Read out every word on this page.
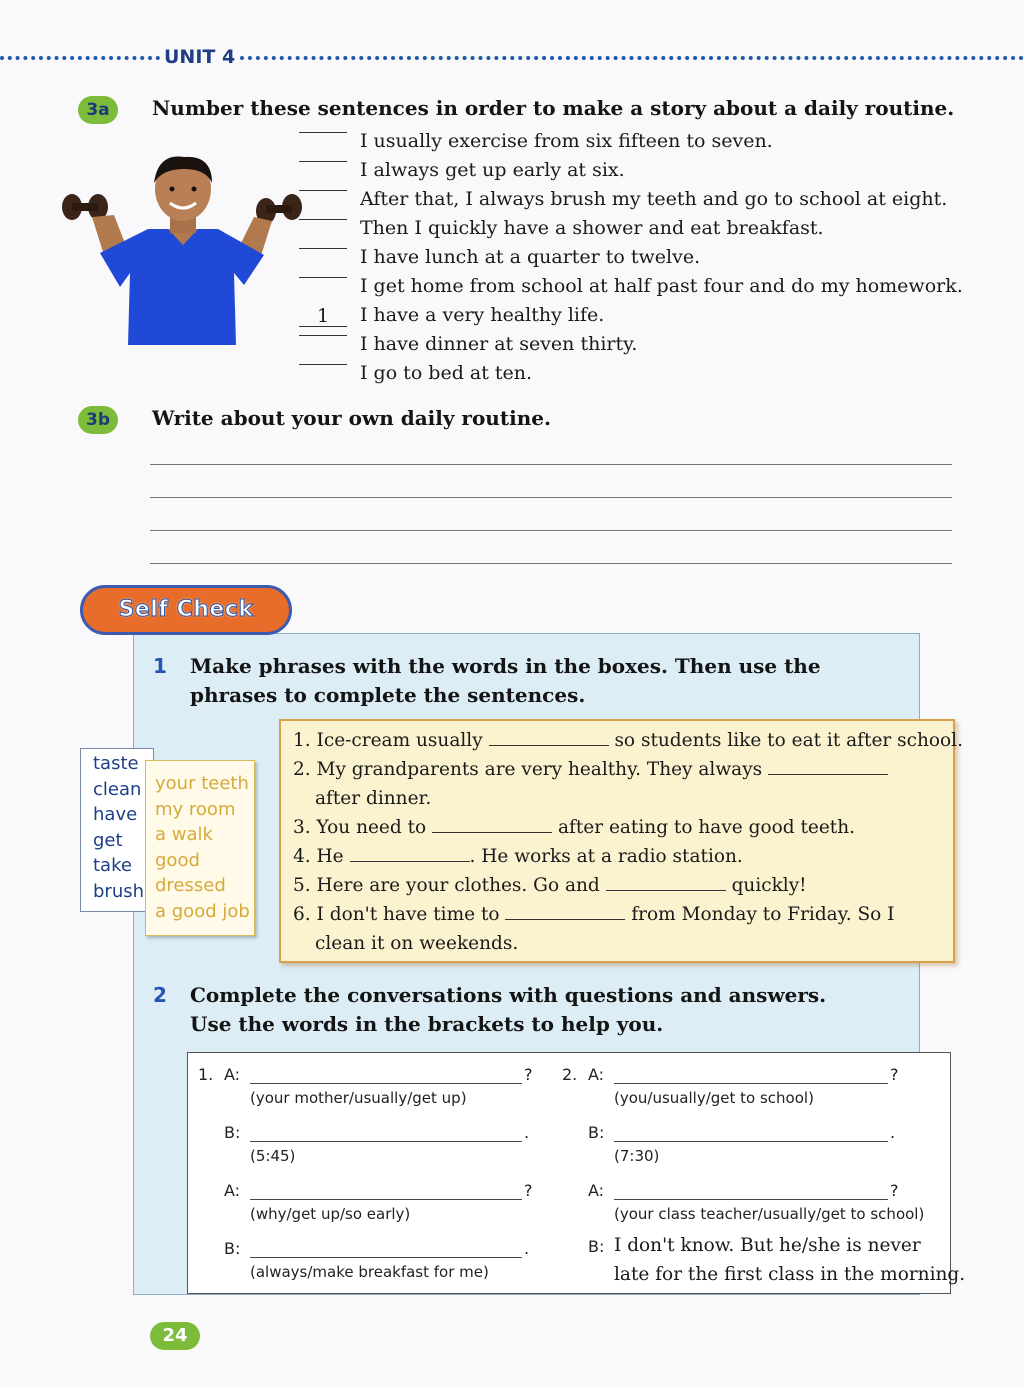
UNIT 4
3a	Number these sentences in order to make a story about a daily routine.
I usually exercise from six fifteen to seven.
I always get up early at six.
After that, I always brush my teeth and go to school at eight.
Then I quickly have a shower and eat breakfast.
I have lunch at a quarter to twelve.
I get home from school at half past four and do my homework.
1	I have a very healthy life.
I have dinner at seven thirty.
I go to bed at ten.
3b	Write about your own daily routine.
Self Check
1 Make phrases with the words in the boxes. Then use the
phrases to complete the sentences.
taste
clean
have
get
take
brush
your teeth
my room
a walk
good
dressed
a good job
1. Ice-cream usually	so students like to eat it after school.
2. My grandparents are very healthy. They always
after dinner.
3. You need to	after eating to have good teeth.
4. He	. He works at a radio station.
5. Here are your clothes. Go and	quickly!
6. I don't have time to	from Monday to Friday. So I
clean it on weekends.
2 Complete the conversations with questions and answers.
Use the words in the brackets to help you.
1. A:	?
(your mother/usually/get up)
B:	.
(5:45)
A:	?
(why/get up/so early)
B:	.
(always/make breakfast for me)
2. A:	?
(you/usually/get to school)
B:	.
(7:30)
A:	?
(your class teacher/usually/get to school)
B: I don't know. But he/she is never
late for the first class in the morning.
24
